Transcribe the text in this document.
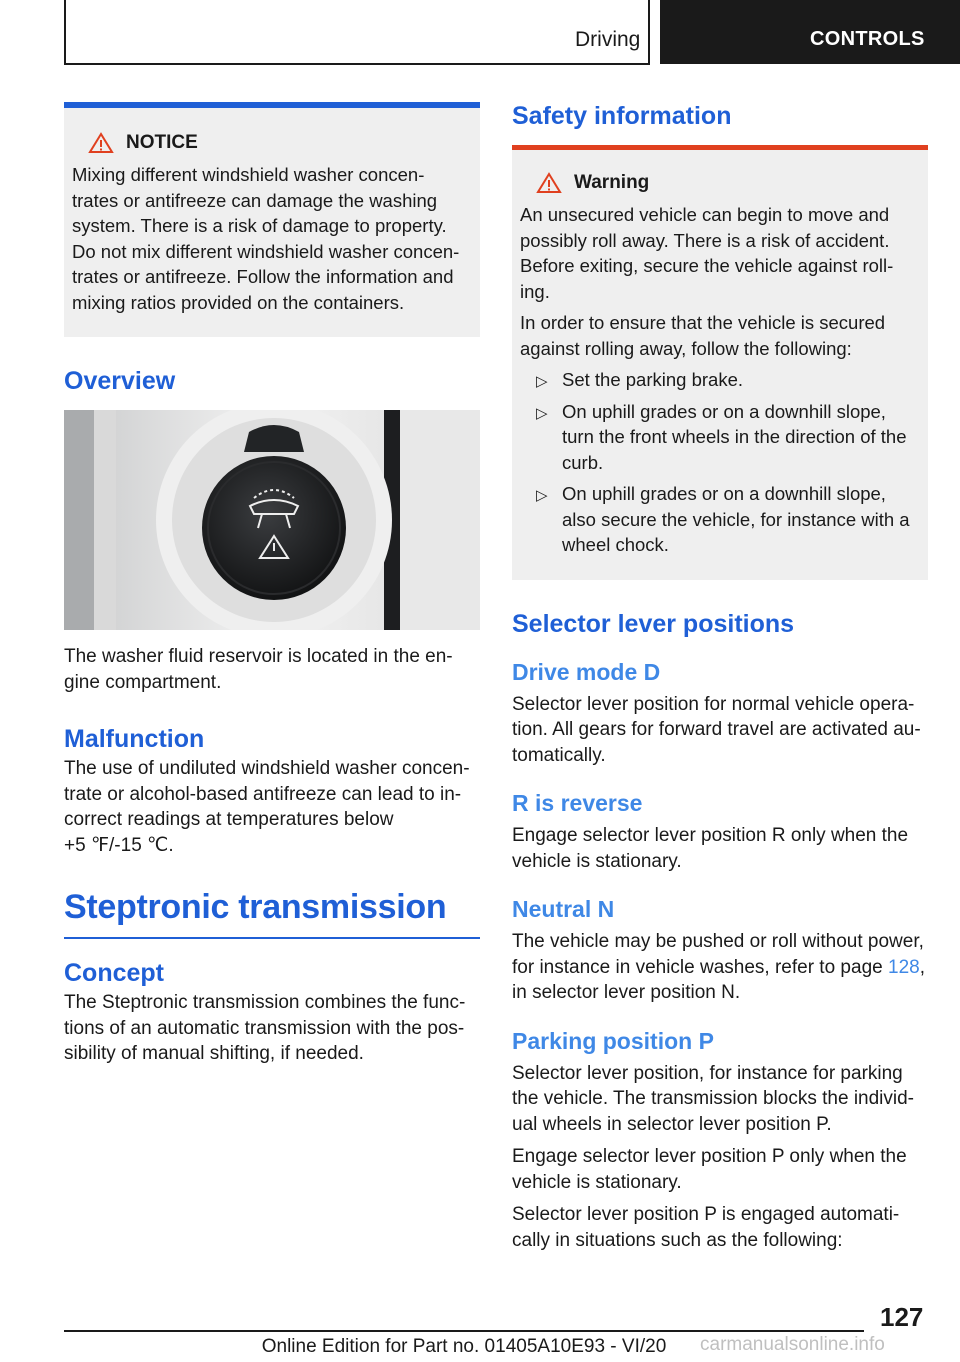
Driving	CONTROLS
NOTICE

Mixing different windshield washer concen-trates or antifreeze can damage the washing system. There is a risk of damage to property. Do not mix different windshield washer concen-trates or antifreeze. Follow the information and mixing ratios provided on the containers.

Overview

The washer fluid reservoir is located in the en-gine compartment.

Malfunction

The use of undiluted windshield washer concen-trate or alcohol-based antifreeze can lead to in-correct readings at temperatures below

+5 ℉/-15 ℃.

Steptronic transmission
Concept

The Steptronic transmission combines the func-tions of an automatic transmission with the pos-sibility of manual shifting, if needed.

Safety information
Warning

An unsecured vehicle can begin to move and possibly roll away. There is a risk of accident. Before exiting, secure the vehicle against roll-ing.

In order to ensure that the vehicle is secured against rolling away, follow the following:

▷ Set the parking brake.
▷ On uphill grades or on a downhill slope, turn the front wheels in the direction of the curb.
▷ On uphill grades or on a downhill slope, also secure the vehicle, for instance with a wheel chock.
Selector lever positions
Drive mode D

Selector lever position for normal vehicle opera-tion. All gears for forward travel are activated au-tomatically.

R is reverse

Engage selector lever position R only when the vehicle is stationary.

Neutral N

The vehicle may be pushed or roll without power, for instance in vehicle washes, refer to page 128, in selector lever position N.

Parking position P

Selector lever position, for instance for parking the vehicle. The transmission blocks the individ-ual wheels in selector lever position P.

Engage selector lever position P only when the vehicle is stationary.

Selector lever position P is engaged automati-cally in situations such as the following:

127
Online Edition for Part no. 01405A10E93 - VI/20	carmanualsonline.info
